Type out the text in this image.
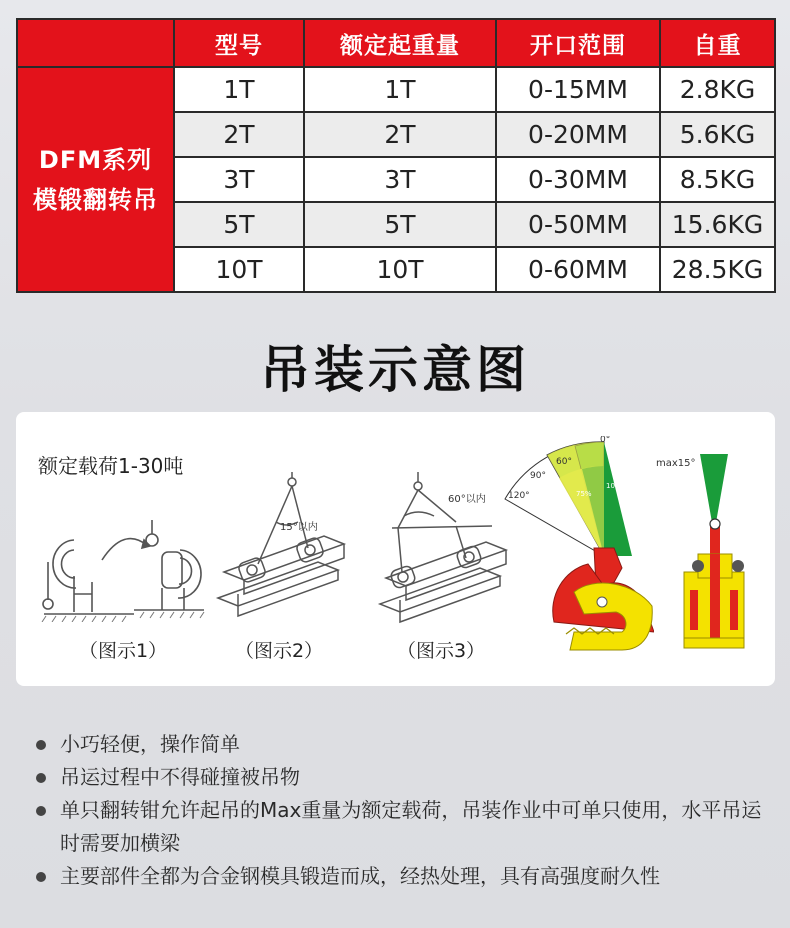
	型号	额定起重量	开口范围	自重

DFM系列
模锻翻转吊	1T	1T	0-15MM	2.8KG
	2T	2T	0-20MM	5.6KG
	3T	3T	0-30MM	8.5KG
	5T	5T	0-50MM	15.6KG
	10T	10T	0-60MM	28.5KG
吊装示意图
额定载荷1-30吨
15°以内
60°以内
0°
60°
90°
120°
100%
75%
50%
max15°
（图示1）	（图示2）	（图示3）
小巧轻便，操作简单
吊运过程中不得碰撞被吊物
单只翻转钳允许起吊的Max重量为额定载荷，吊装作业中可单只使用，水平吊运时需要加横梁
主要部件全都为合金钢模具锻造而成，经热处理，具有高强度耐久性
